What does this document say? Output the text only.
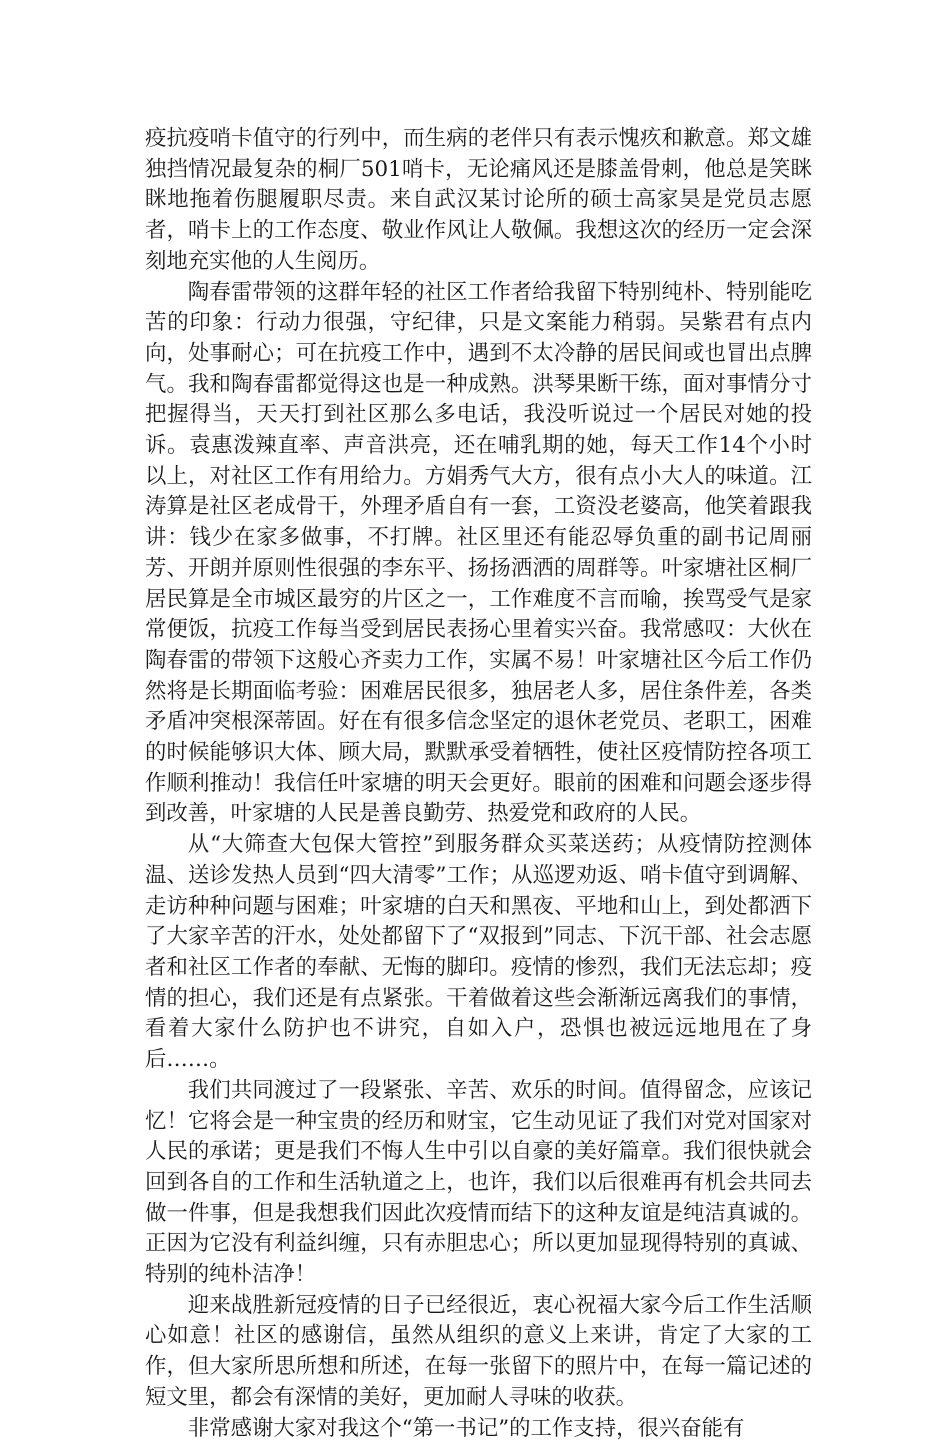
疫抗疫哨卡值守的行列中，而生病的老伴只有表示愧疚和歉意。郑文雄独挡情况最复杂的桐厂501哨卡，无论痛风还是膝盖骨刺，他总是笑眯眯地拖着伤腿履职尽责。来自武汉某讨论所的硕士高家昊是党员志愿者，哨卡上的工作态度、敬业作风让人敬佩。我想这次的经历一定会深刻地充实他的人生阅历。

陶春雷带领的这群年轻的社区工作者给我留下特别纯朴、特别能吃苦的印象：行动力很强，守纪律，只是文案能力稍弱。吴紫君有点内向，处事耐心；可在抗疫工作中，遇到不太冷静的居民间或也冒出点脾气。我和陶春雷都觉得这也是一种成熟。洪琴果断干练，面对事情分寸把握得当，天天打到社区那么多电话，我没听说过一个居民对她的投诉。袁惠泼辣直率、声音洪亮，还在哺乳期的她，每天工作14个小时以上，对社区工作有用给力。方娟秀气大方，很有点小大人的味道。江涛算是社区老成骨干，外理矛盾自有一套，工资没老婆高，他笑着跟我讲：钱少在家多做事，不打牌。社区里还有能忍辱负重的副书记周丽芳、开朗并原则性很强的李东平、扬扬洒洒的周群等。叶家塘社区桐厂居民算是全市城区最穷的片区之一，工作难度不言而喻，挨骂受气是家常便饭，抗疫工作每当受到居民表扬心里着实兴奋。我常感叹：大伙在陶春雷的带领下这般心齐卖力工作，实属不易！叶家塘社区今后工作仍然将是长期面临考验：困难居民很多，独居老人多，居住条件差，各类矛盾冲突根深蒂固。好在有很多信念坚定的退休老党员、老职工，困难的时候能够识大体、顾大局，默默承受着牺牲，使社区疫情防控各项工作顺利推动！我信任叶家塘的明天会更好。眼前的困难和问题会逐步得到改善，叶家塘的人民是善良勤劳、热爱党和政府的人民。

从“大筛查大包保大管控”到服务群众买菜送药；从疫情防控测体温、送诊发热人员到“四大清零”工作；从巡逻劝返、哨卡值守到调解、走访种种问题与困难；叶家塘的白天和黑夜、平地和山上，到处都洒下了大家辛苦的汗水，处处都留下了“双报到”同志、下沉干部、社会志愿者和社区工作者的奉献、无悔的脚印。疫情的惨烈，我们无法忘却；疫情的担心，我们还是有点紧张。干着做着这些会渐渐远离我们的事情，看着大家什么防护也不讲究，自如入户，恐惧也被远远地甩在了身后……。

我们共同渡过了一段紧张、辛苦、欢乐的时间。值得留念，应该记忆！它将会是一种宝贵的经历和财宝，它生动见证了我们对党对国家对人民的承诺；更是我们不悔人生中引以自豪的美好篇章。我们很快就会回到各自的工作和生活轨道之上，也许，我们以后很难再有机会共同去做一件事，但是我想我们因此次疫情而结下的这种友谊是纯洁真诚的。正因为它没有利益纠缠，只有赤胆忠心；所以更加显现得特别的真诚、特别的纯朴洁净！

迎来战胜新冠疫情的日子已经很近，衷心祝福大家今后工作生活顺心如意！社区的感谢信，虽然从组织的意义上来讲，肯定了大家的工作，但大家所思所想和所述，在每一张留下的照片中，在每一篇记述的短文里，都会有深情的美好，更加耐人寻味的收获。

非常感谢大家对我这个“第一书记”的工作支持，很兴奋能有
